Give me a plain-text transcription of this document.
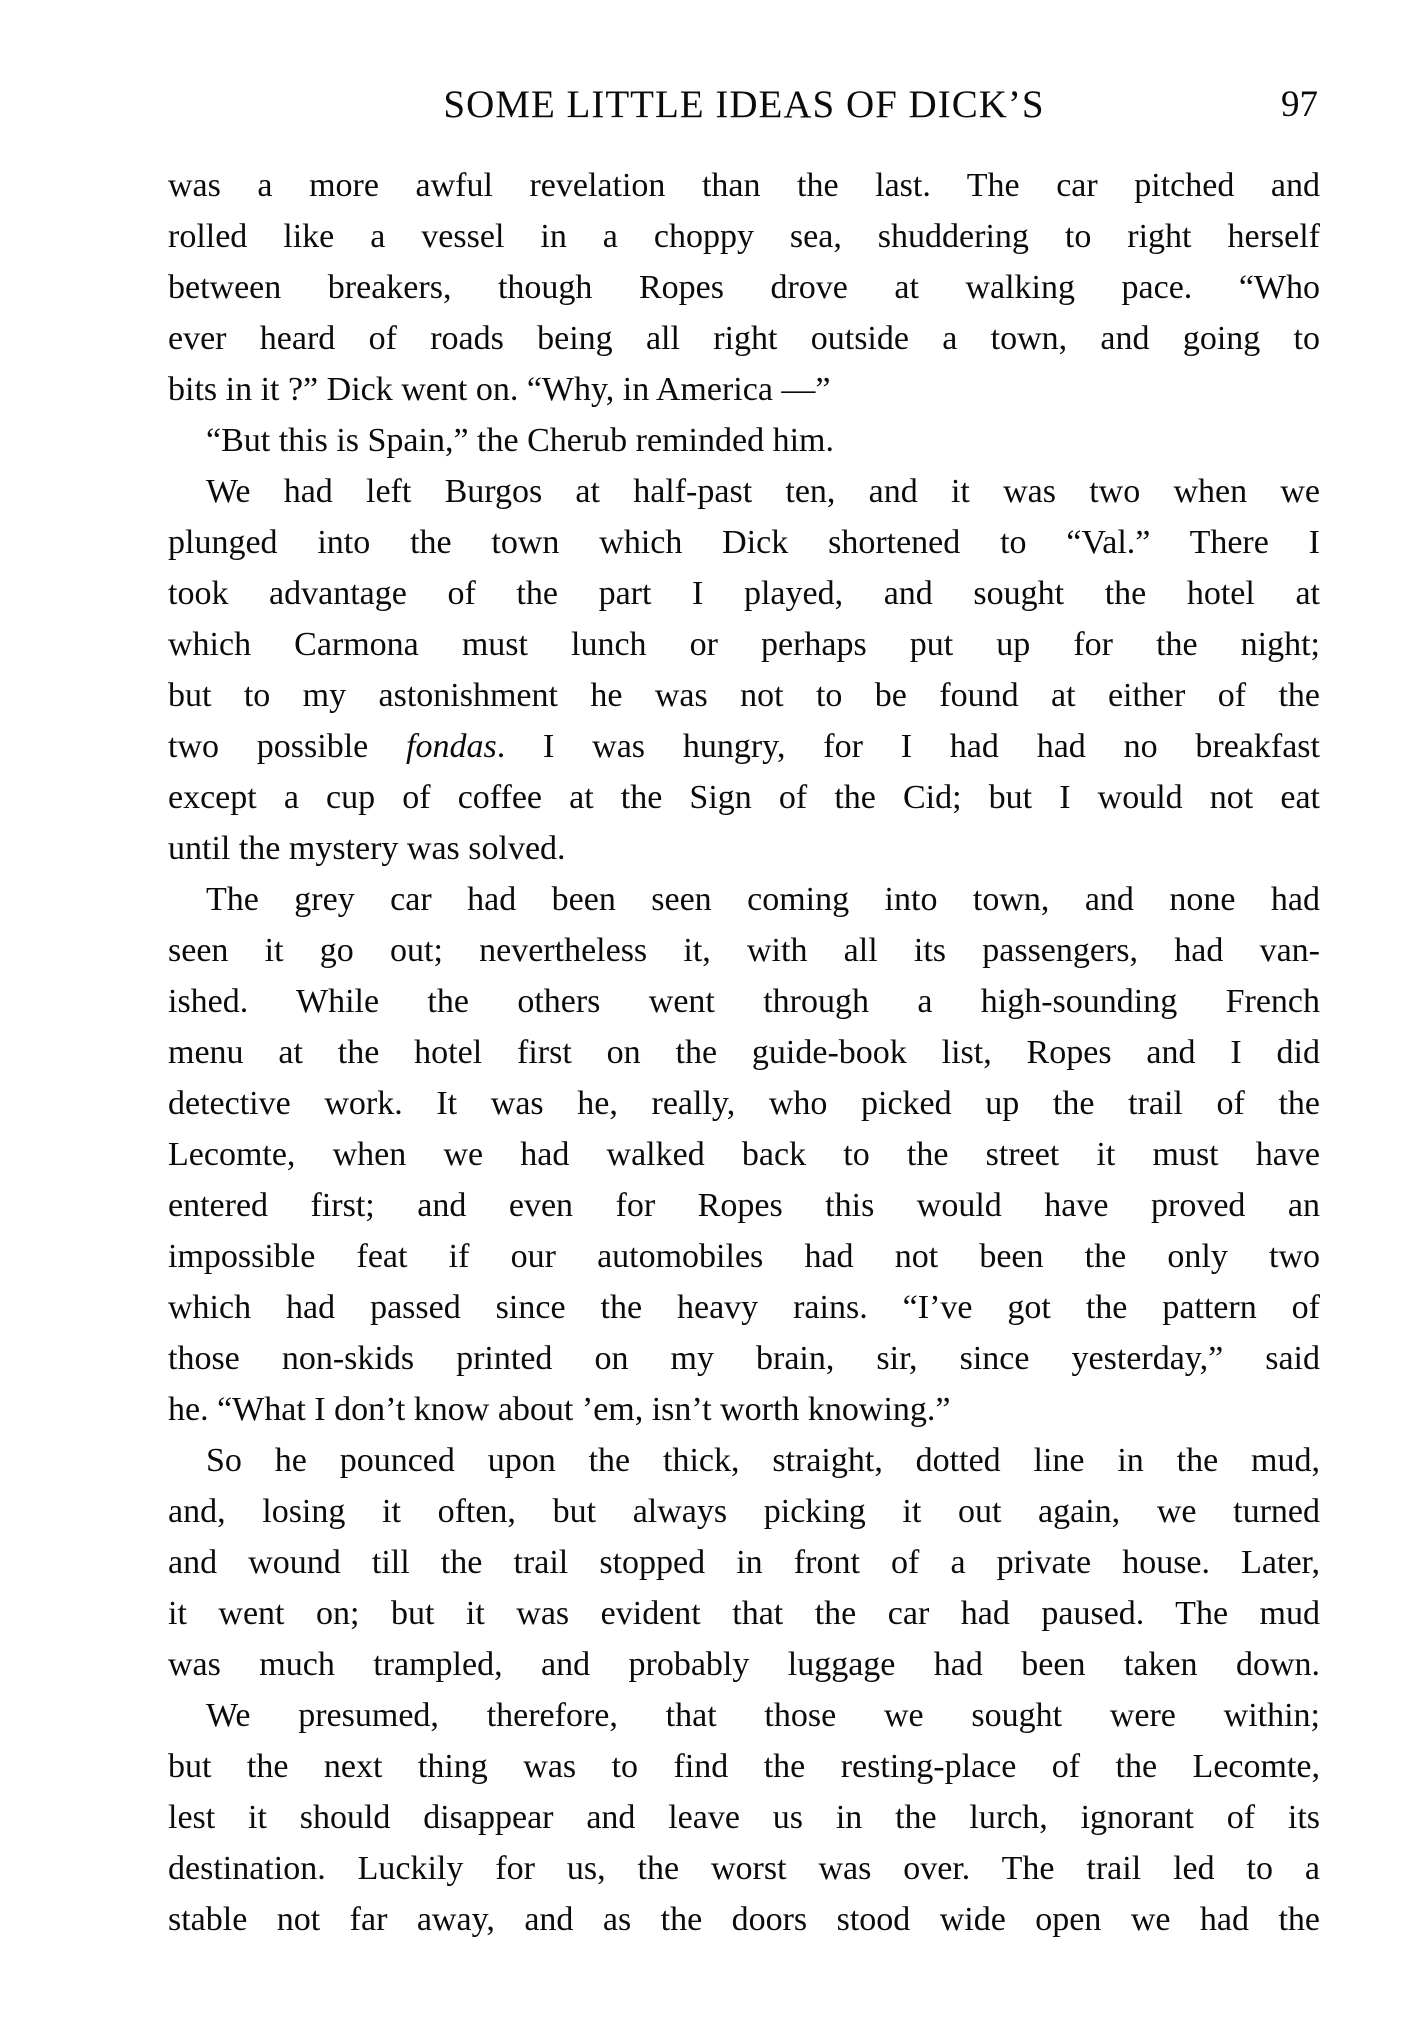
SOME LITTLE IDEAS OF DICK’S	97

was a more awful revelation than the last. The car pitched and
rolled like a vessel in a choppy sea, shuddering to right herself
between breakers, though Ropes drove at walking pace. “Who
ever heard of roads being all right outside a town, and going to
bits in it ?” Dick went on. “Why, in America —”

“But this is Spain,” the Cherub reminded him.

We had left Burgos at half-past ten, and it was two when we
plunged into the town which Dick shortened to “Val.” There I
took advantage of the part I played, and sought the hotel at
which Carmona must lunch or perhaps put up for the night;
but to my astonishment he was not to be found at either of the
two possible fondas. I was hungry, for I had had no breakfast
except a cup of coffee at the Sign of the Cid; but I would not eat
until the mystery was solved.

The grey car had been seen coming into town, and none had
seen it go out; nevertheless it, with all its passengers, had van-
ished. While the others went through a high-sounding French
menu at the hotel first on the guide-book list, Ropes and I did
detective work. It was he, really, who picked up the trail of the
Lecomte, when we had walked back to the street it must have
entered first; and even for Ropes this would have proved an
impossible feat if our automobiles had not been the only two
which had passed since the heavy rains. “I’ve got the pattern of
those non-skids printed on my brain, sir, since yesterday,” said
he. “What I don’t know about ’em, isn’t worth knowing.”

So he pounced upon the thick, straight, dotted line in the mud,
and, losing it often, but always picking it out again, we turned
and wound till the trail stopped in front of a private house. Later,
it went on; but it was evident that the car had paused. The mud
was much trampled, and probably luggage had been taken down.

We presumed, therefore, that those we sought were within;
but the next thing was to find the resting-place of the Lecomte,
lest it should disappear and leave us in the lurch, ignorant of its
destination. Luckily for us, the worst was over. The trail led to a
stable not far away, and as the doors stood wide open we had the
